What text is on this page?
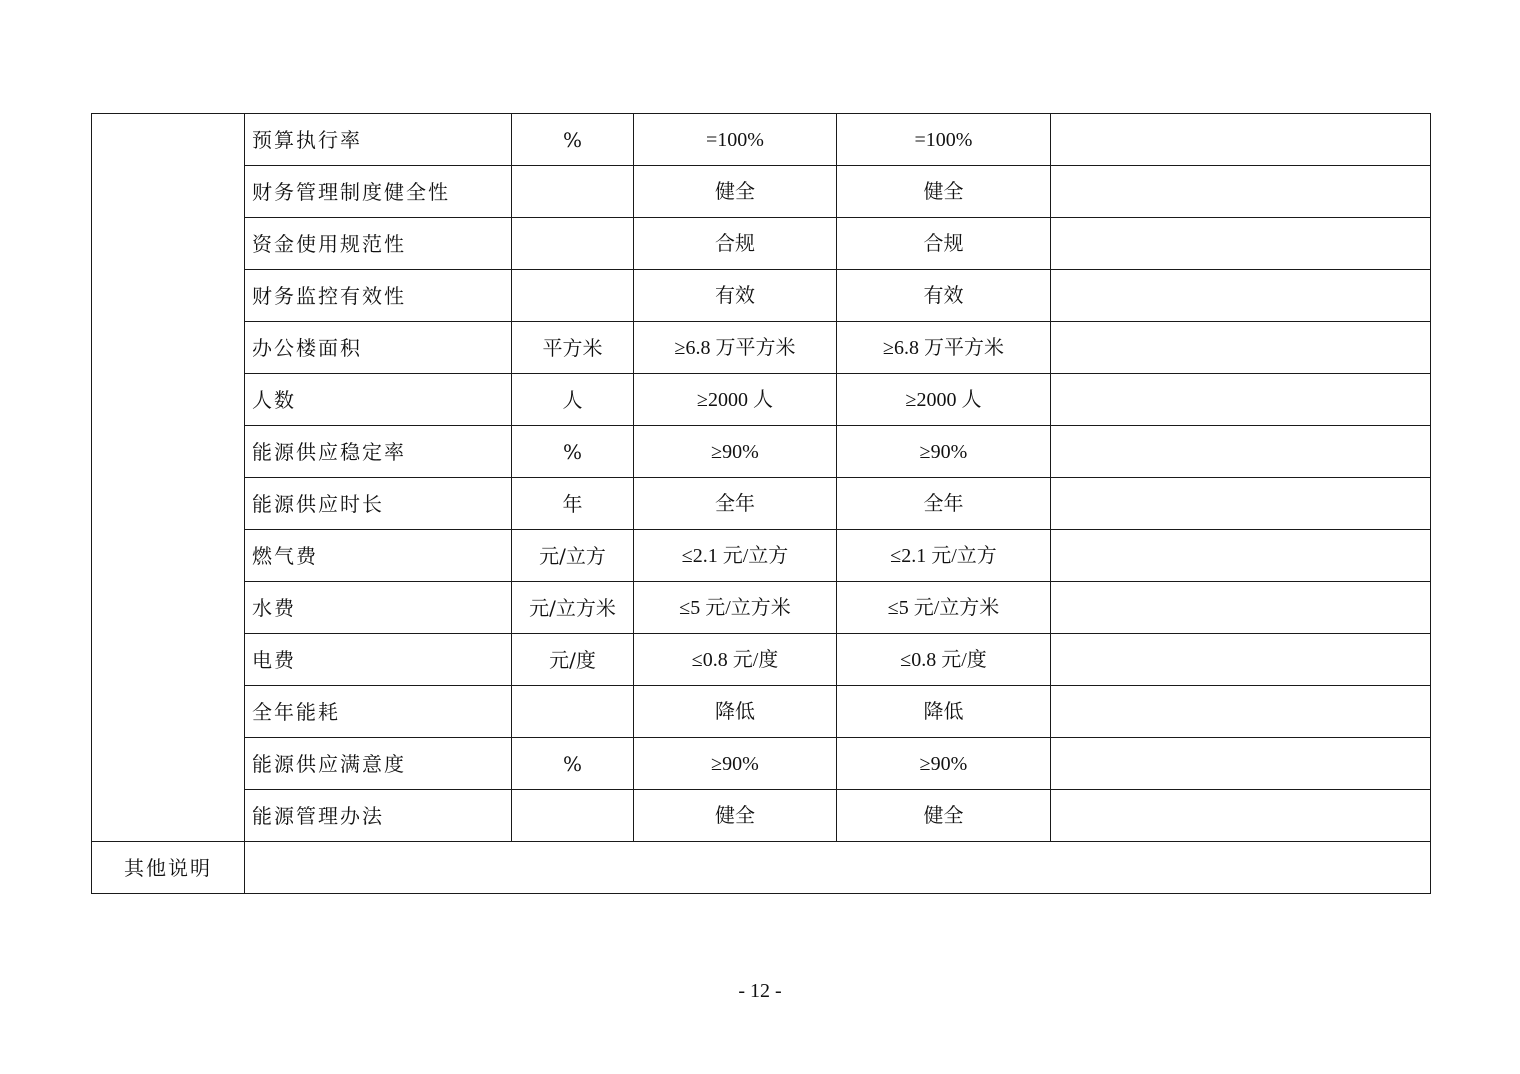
	预算执行率	%	=100%	=100%	
	财务管理制度健全性		健全	健全	
	资金使用规范性		合规	合规	
	财务监控有效性		有效	有效	
	办公楼面积	平方米	≥6.8 万平方米	≥6.8 万平方米	
	人数	人	≥2000 人	≥2000 人	
	能源供应稳定率	%	≥90%	≥90%	
	能源供应时长	年	全年	全年	
	燃气费	元/立方	≤2.1 元/立方	≤2.1 元/立方	
	水费	元/立方米	≤5 元/立方米	≤5 元/立方米	
	电费	元/度	≤0.8 元/度	≤0.8 元/度	
	全年能耗		降低	降低	
	能源供应满意度	%	≥90%	≥90%	
	能源管理办法		健全	健全	
其他说明					
- 12 -
